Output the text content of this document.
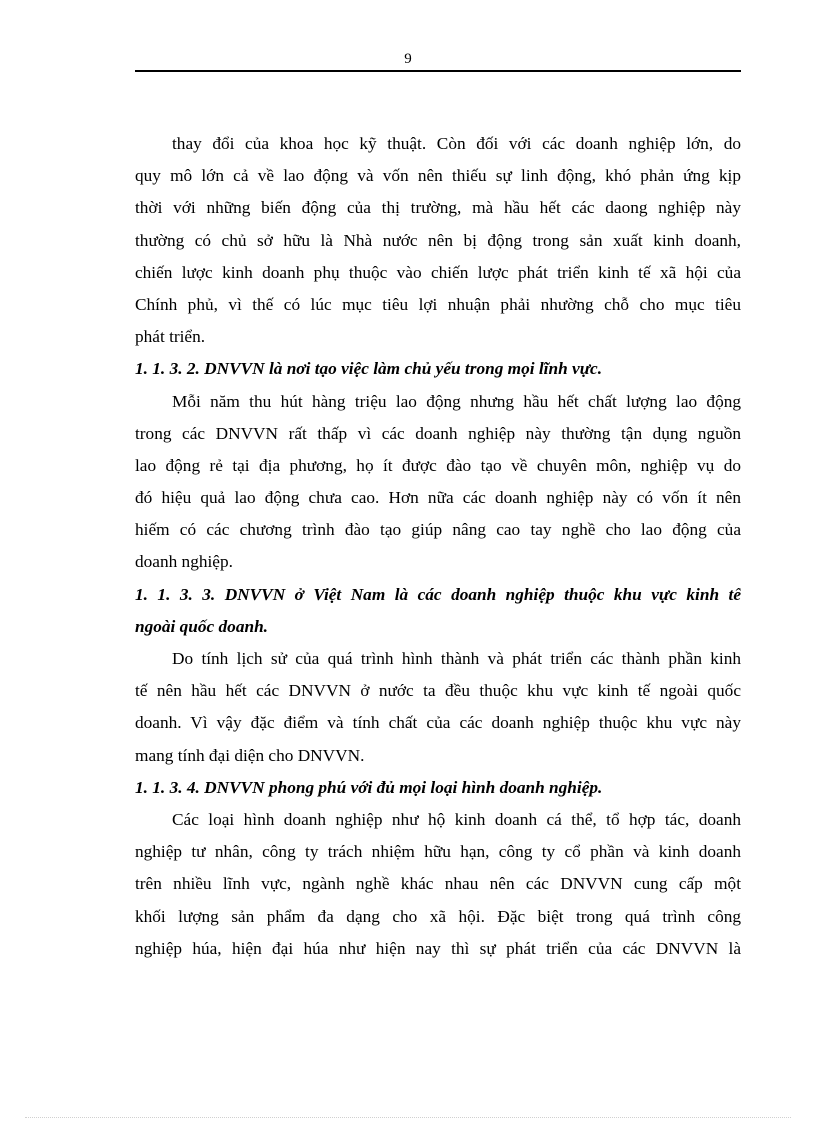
9
thay đổi của khoa học kỹ thuật. Còn đối với các doanh nghiệp lớn, do
quy mô lớn cả về lao động và vốn nên thiếu sự linh động, khó phản ứng kịp
thời với những biến động của thị trường, mà hầu hết các daong nghiệp này
thường có chủ sở hữu là Nhà nước nên bị động trong sản xuất kinh doanh,
chiến lược kinh doanh phụ thuộc vào chiến lược phát triển kinh tế xã hội của
Chính phủ, vì thế có lúc mục tiêu lợi nhuận phải nhường chỗ cho mục tiêu
phát triển.
1. 1. 3. 2. DNVVN là nơi tạo việc làm chủ yếu trong mọi lĩnh vực.
Mỗi năm thu hút hàng triệu lao động nhưng hầu hết chất lượng lao động
trong các DNVVN rất thấp vì các doanh nghiệp này thường tận dụng nguồn
lao động rẻ tại địa phương, họ ít được đào tạo về chuyên môn, nghiệp vụ do
đó hiệu quả lao động chưa cao. Hơn nữa các doanh nghiệp này có vốn ít nên
hiếm có các chương trình đào tạo giúp nâng cao tay nghề cho lao động của
doanh nghiệp.
1. 1. 3. 3. DNVVN ở Việt Nam là các doanh nghiệp thuộc khu vực kinh tế
ngoài quốc doanh.
Do tính lịch sử của quá trình hình thành và phát triển các thành phần kinh
tế nên hầu hết các DNVVN ở nước ta đều thuộc khu vực kinh tế ngoài quốc
doanh. Vì vậy đặc điểm và tính chất của các doanh nghiệp thuộc khu vực này
mang tính đại diện cho DNVVN.
1. 1. 3. 4. DNVVN phong phú với đủ mọi loại hình doanh nghiệp.
Các loại hình doanh nghiệp như hộ kinh doanh cá thể, tổ hợp tác, doanh
nghiệp tư nhân, công ty trách nhiệm hữu hạn, công ty cổ phần và kinh doanh
trên nhiều lĩnh vực, ngành nghề khác nhau nên các DNVVN cung cấp một
khối lượng sản phẩm đa dạng cho xã hội. Đặc biệt trong quá trình công
nghiệp húa, hiện đại húa như hiện nay thì sự phát triển của các DNVVN là
